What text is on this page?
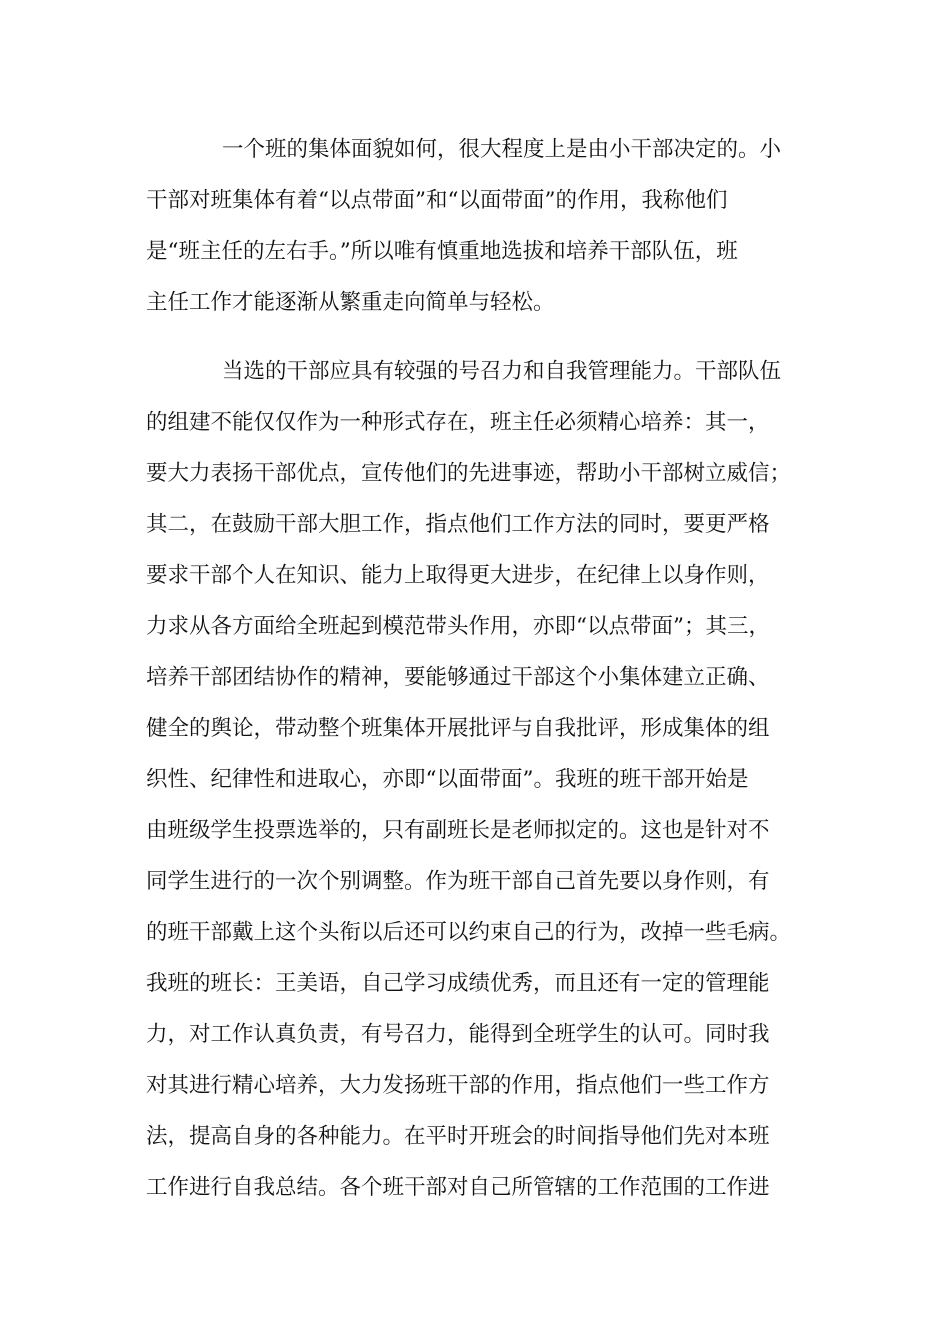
一个班的集体面貌如何，很大程度上是由小干部决定的。小
干部对班集体有着“以点带面”和“以面带面”的作用，我称他们
是“班主任的左右手。”所以唯有慎重地选拔和培养干部队伍，班
主任工作才能逐渐从繁重走向简单与轻松。
当选的干部应具有较强的号召力和自我管理能力。干部队伍
的组建不能仅仅作为一种形式存在，班主任必须精心培养：其一，
要大力表扬干部优点，宣传他们的先进事迹，帮助小干部树立威信；
其二，在鼓励干部大胆工作，指点他们工作方法的同时，要更严格
要求干部个人在知识、能力上取得更大进步，在纪律上以身作则，
力求从各方面给全班起到模范带头作用，亦即“以点带面”；其三，
培养干部团结协作的精神，要能够通过干部这个小集体建立正确、
健全的舆论，带动整个班集体开展批评与自我批评，形成集体的组
织性、纪律性和进取心，亦即“以面带面”。我班的班干部开始是
由班级学生投票选举的，只有副班长是老师拟定的。这也是针对不
同学生进行的一次个别调整。作为班干部自己首先要以身作则，有
的班干部戴上这个头衔以后还可以约束自己的行为，改掉一些毛病。
我班的班长：王美语，自己学习成绩优秀，而且还有一定的管理能
力，对工作认真负责，有号召力，能得到全班学生的认可。同时我
对其进行精心培养，大力发扬班干部的作用，指点他们一些工作方
法，提高自身的各种能力。在平时开班会的时间指导他们先对本班
工作进行自我总结。各个班干部对自己所管辖的工作范围的工作进
